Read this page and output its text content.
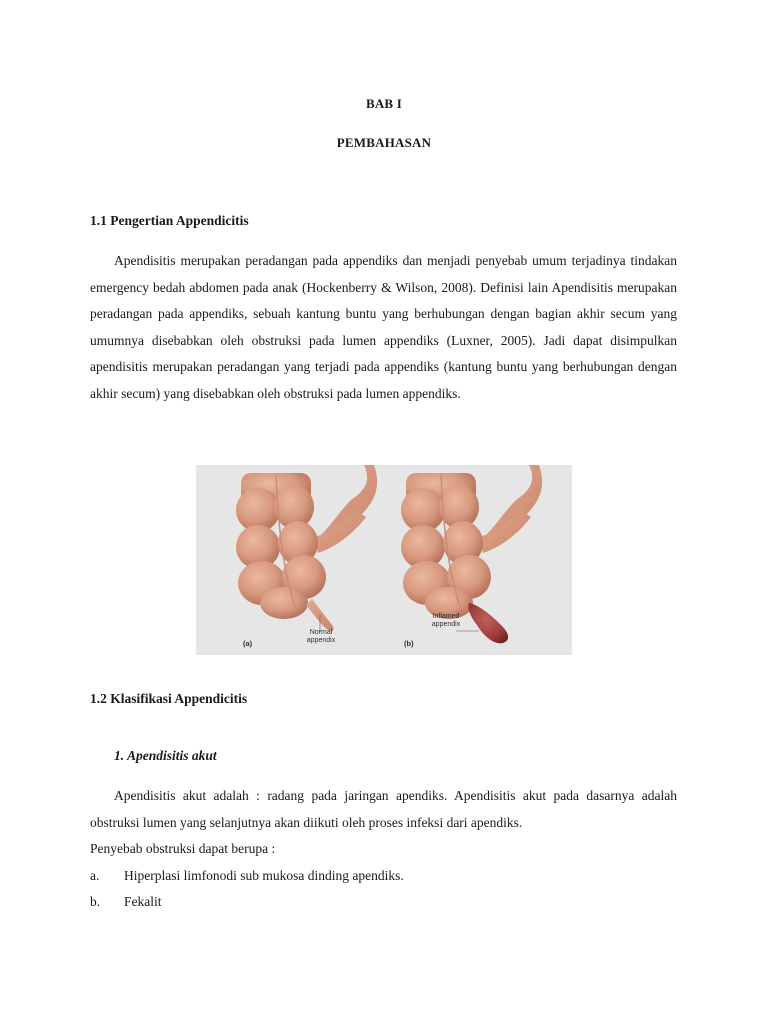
BAB I
PEMBAHASAN
1.1 Pengertian Appendicitis
Apendisitis merupakan peradangan pada appendiks dan menjadi penyebab umum terjadinya tindakan emergency bedah abdomen pada anak (Hockenberry & Wilson, 2008). Definisi lain Apendisitis merupakan peradangan pada appendiks, sebuah kantung buntu yang berhubungan dengan bagian akhir secum yang umumnya disebabkan oleh obstruksi pada lumen appendiks (Luxner, 2005). Jadi dapat disimpulkan apendisitis merupakan peradangan yang terjadi pada appendiks (kantung buntu yang berhubungan dengan akhir secum) yang disebabkan oleh obstruksi pada lumen appendiks.
(a)
Normal
appendix	(b)
Inflamed
appendix
1.2 Klasifikasi Appendicitis
1. Apendisitis akut
Apendisitis akut adalah : radang pada jaringan apendiks. Apendisitis akut pada dasarnya adalah obstruksi lumen yang selanjutnya akan diikuti oleh proses infeksi dari apendiks.
Penyebab obstruksi dapat berupa :
a.	Hiperplasi limfonodi sub mukosa dinding apendiks.
b.	Fekalit
